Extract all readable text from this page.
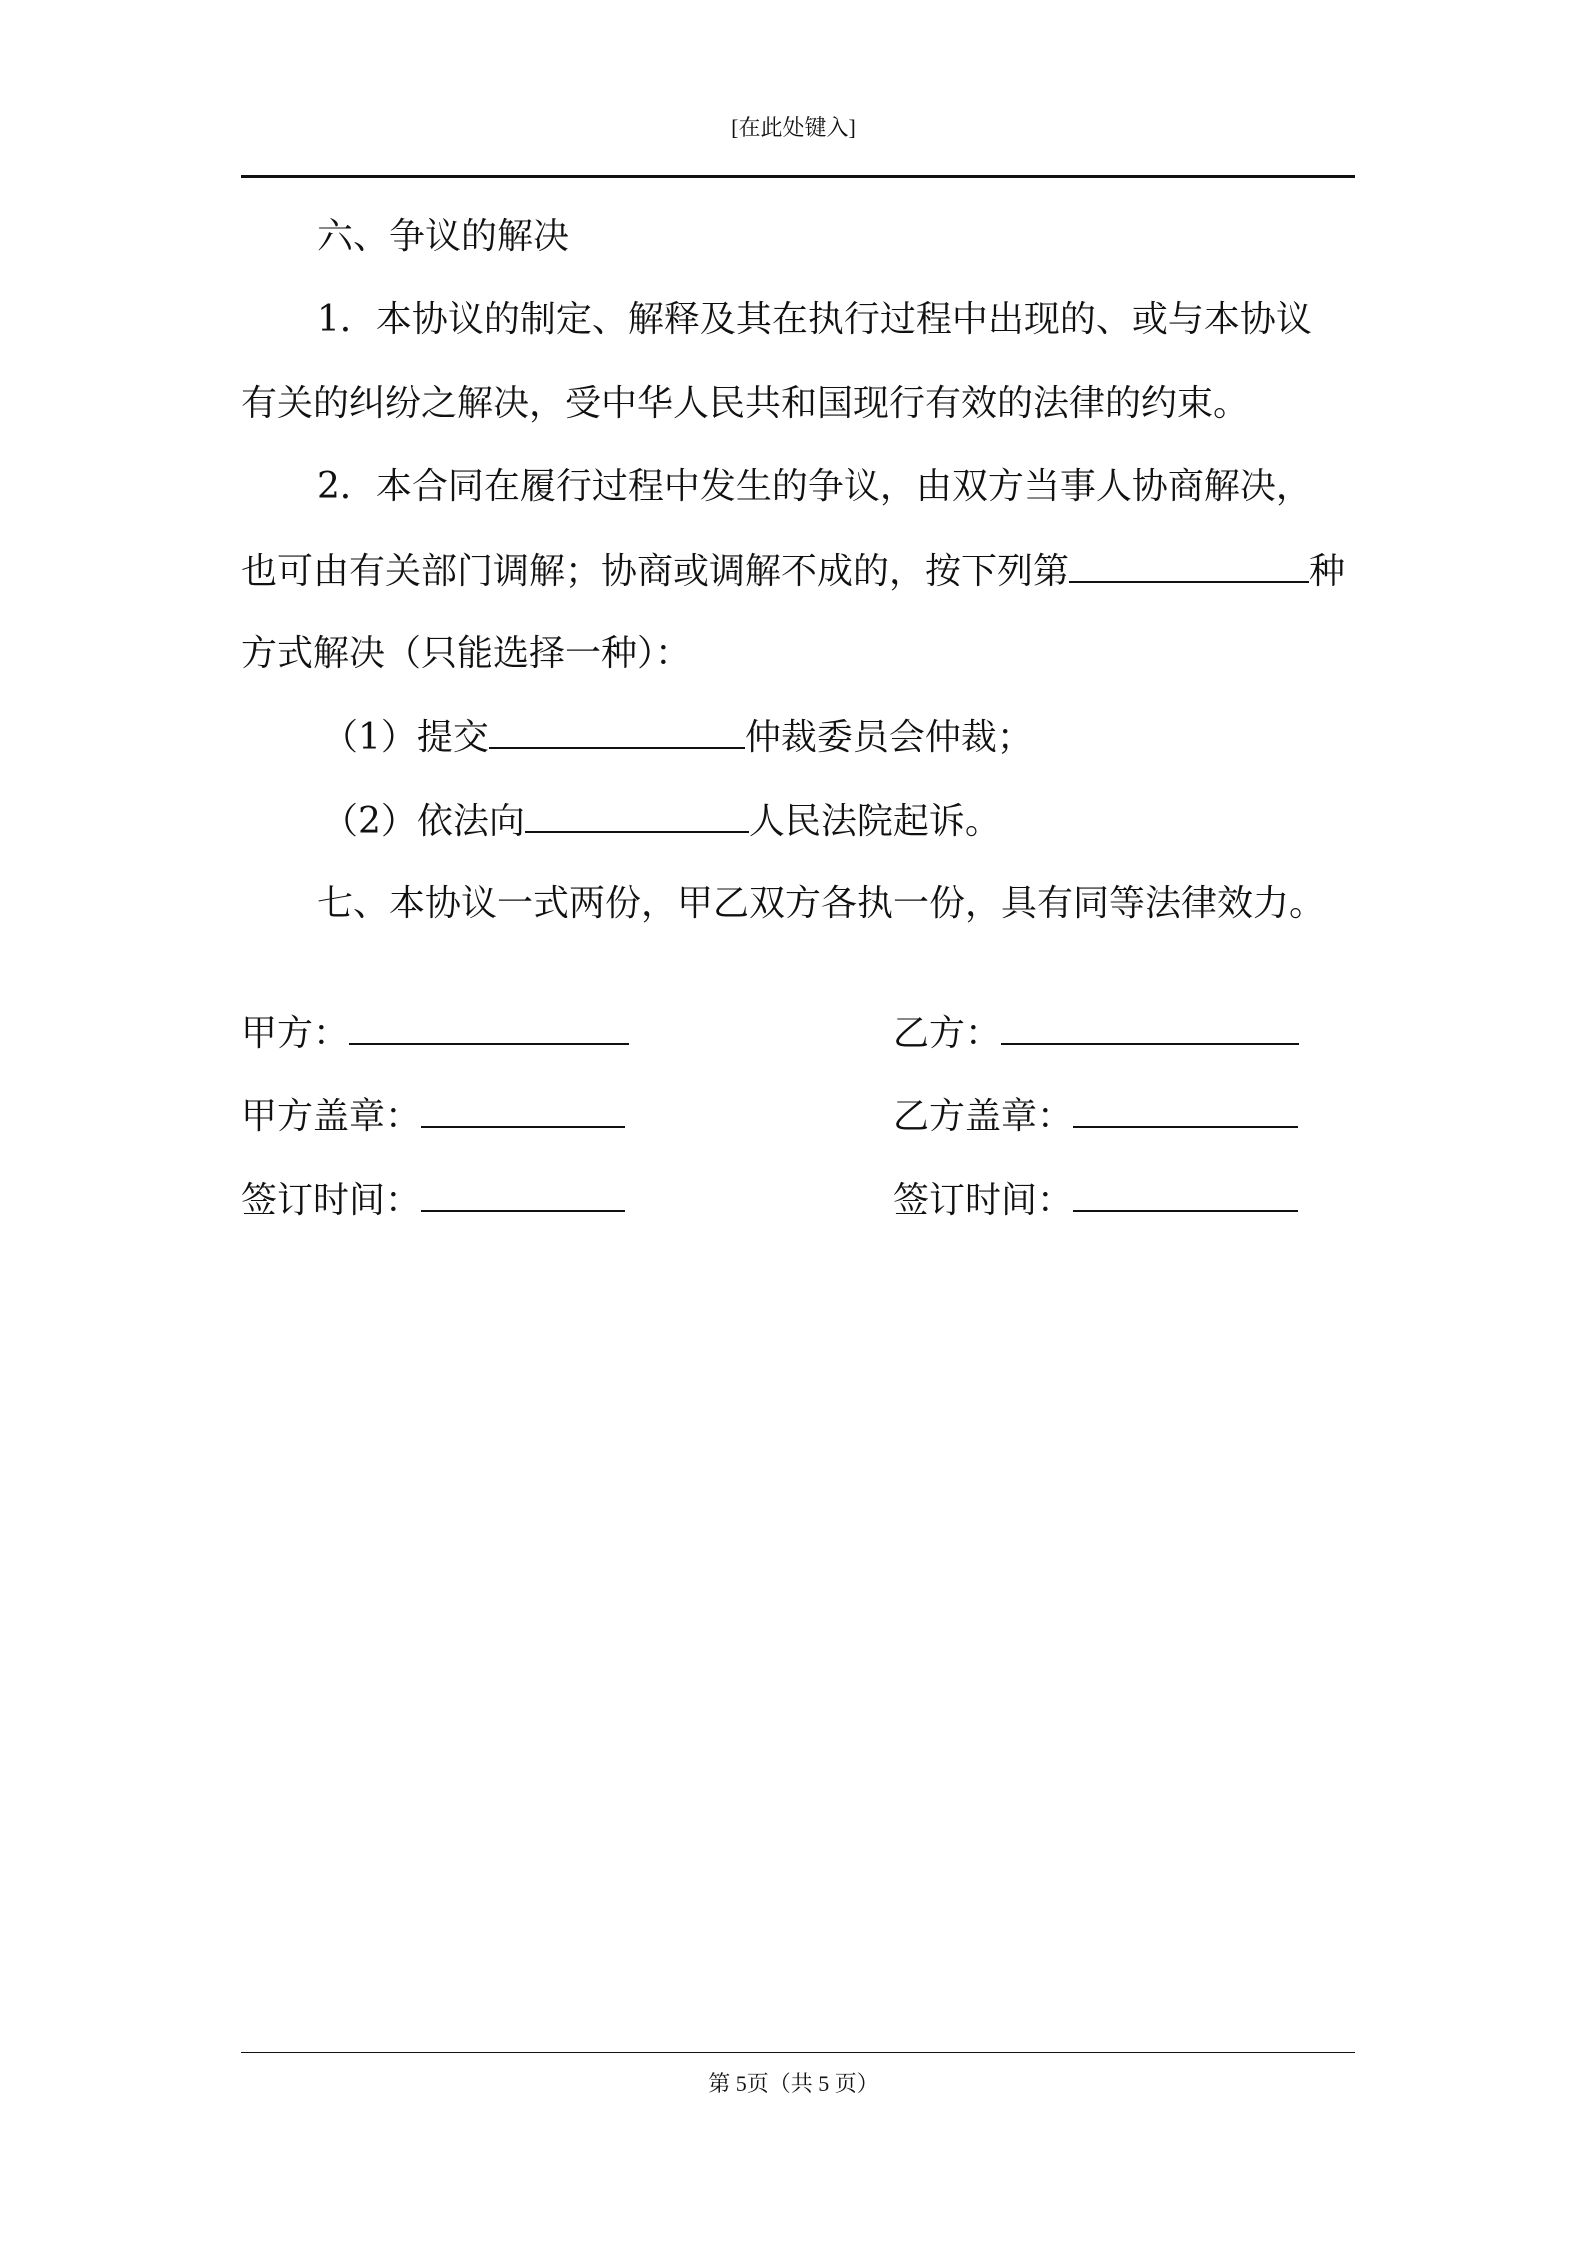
[在此处键入]
六、争议的解决
1．本协议的制定、解释及其在执行过程中出现的、或与本协议
有关的纠纷之解决，受中华人民共和国现行有效的法律的约束。
2．本合同在履行过程中发生的争议，由双方当事人协商解决，
也可由有关部门调解；协商或调解不成的，按下列第	种
方式解决（只能选择一种）：
（1）提交	仲裁委员会仲裁；
（2）依法向	人民法院起诉。
七、本协议一式两份，甲乙双方各执一份，具有同等法律效力。
甲方：	乙方：
甲方盖章：	乙方盖章：
签订时间：	签订时间：
第 5页（共 5 页）
